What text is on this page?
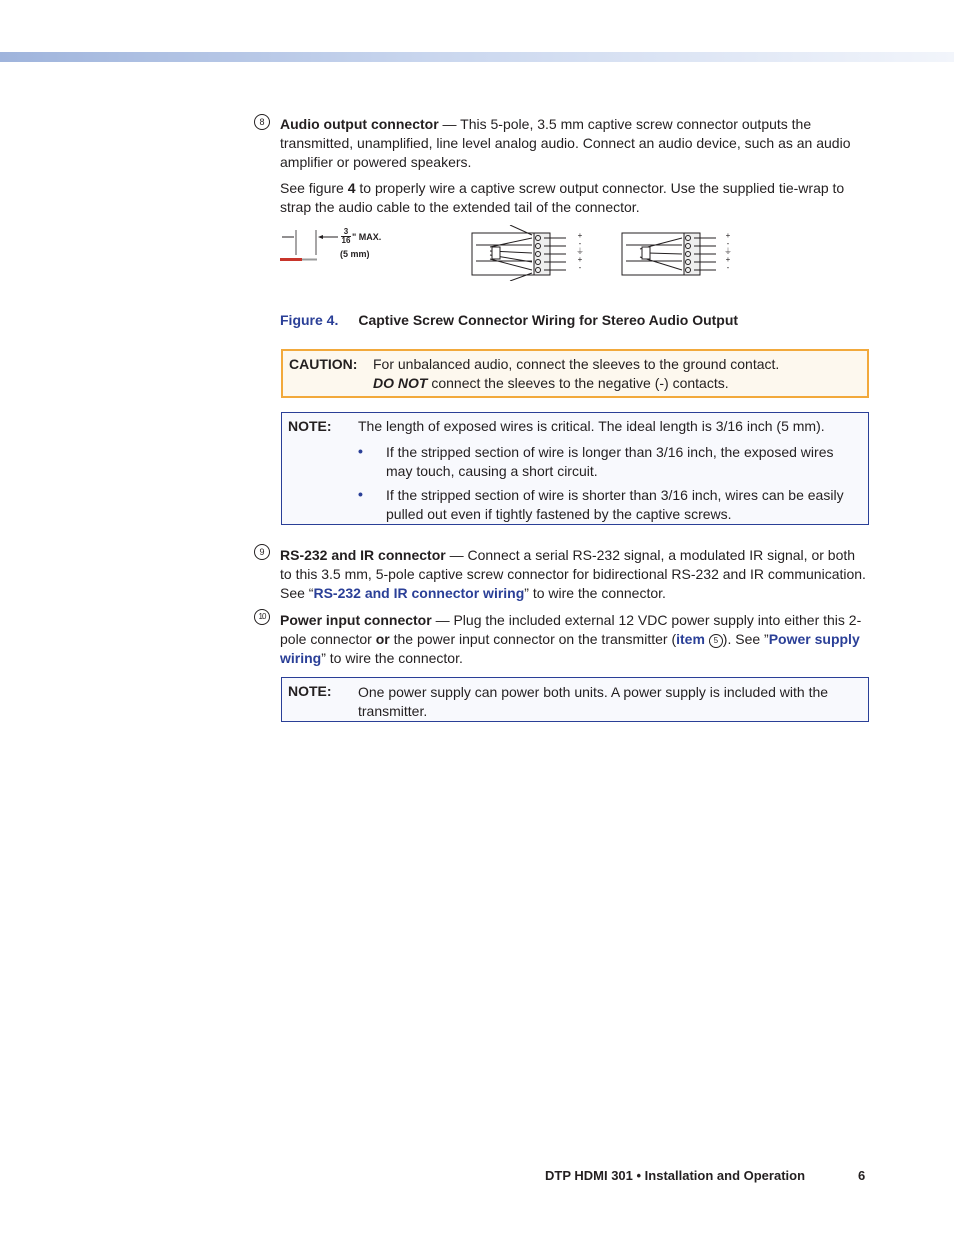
8	Audio output connector — This 5-pole, 3.5 mm captive screw connector outputs the transmitted, unamplified, line level analog audio. Connect an audio device, such as an audio amplifier or powered speakers.

See figure 4 to properly wire a captive screw output connector. Use the supplied tie-wrap to strap the audio cable to the extended tail of the connector.

$\frac{3}{16}$ " MAX.
(5 mm)
+
-
⏚
+
-
+
-
⏚
+
-
Figure 4. Captive Screw Connector Wiring for Stereo Audio Output
CAUTION: For unbalanced audio, connect the sleeves to the ground contact.
DO NOT connect the sleeves to the negative (-) contacts.
NOTE: The length of exposed wires is critical. The ideal length is 3/16 inch (5 mm).
• If the stripped section of wire is longer than 3/16 inch, the exposed wires may touch, causing a short circuit.
• If the stripped section of wire is shorter than 3/16 inch, wires can be easily pulled out even if tightly fastened by the captive screws.
9	RS-232 and IR connector — Connect a serial RS-232 signal, a modulated IR signal, or both to this 3.5 mm, 5-pole captive screw connector for bidirectional RS-232 and IR communication. See “RS-232 and IR connector wiring” to wire the connector.

10	Power input connector — Plug the included external 12 VDC power supply into either this 2-pole connector or the power input connector on the transmitter (item 5 ). See ”Power supply wiring” to wire the connector.

NOTE: One power supply can power both units. A power supply is included with the transmitter.
DTP HDMI 301 • Installation and Operation	6
